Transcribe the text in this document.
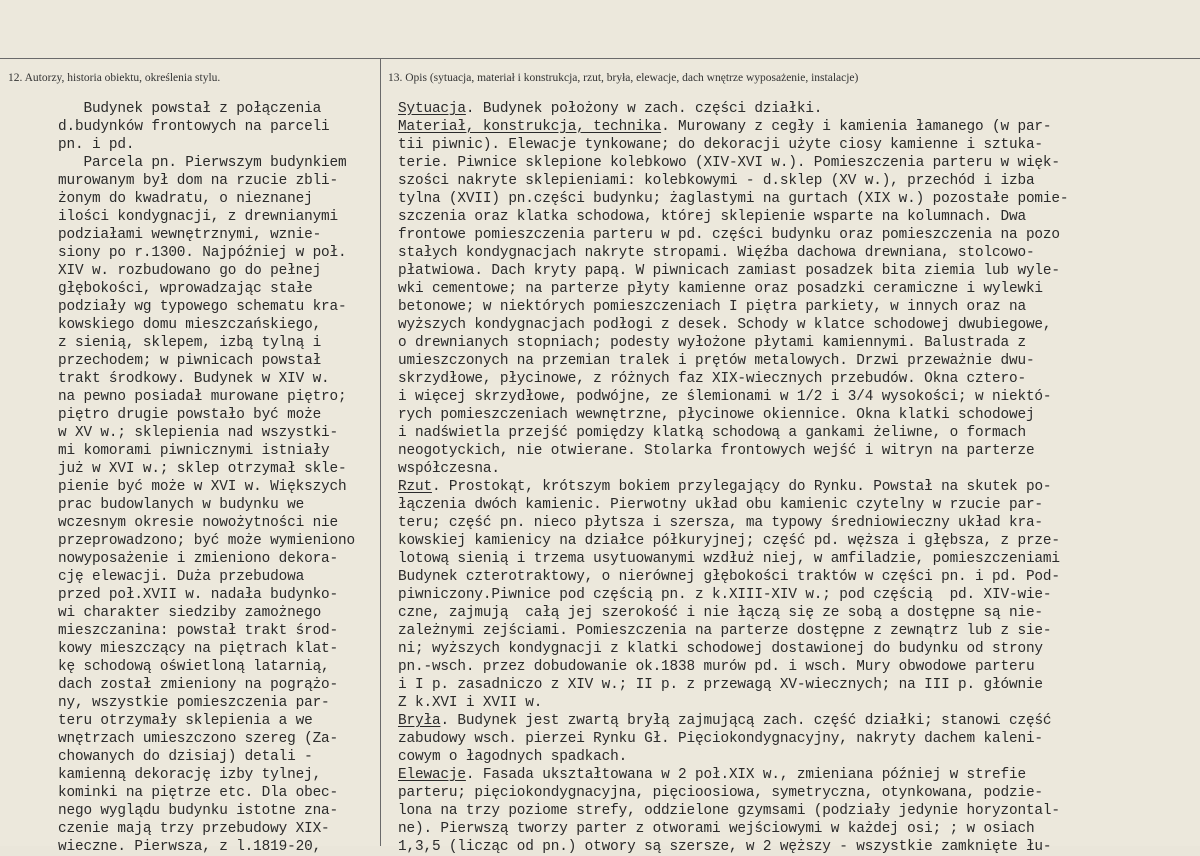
12. Autorzy, historia obiektu, określenia stylu.	13. Opis (sytuacja, materiał i konstrukcja, rzut, bryła, elewacje, dach wnętrze wyposażenie, instalacje)
Budynek powstał z połączenia
d.budynków frontowych na parceli
pn. i pd.
Parcela pn. Pierwszym budynkiem
murowanym był dom na rzucie zbli-
żonym do kwadratu, o nieznanej
ilości kondygnacji, z drewnianymi
podziałami wewnętrznymi, wznie-
siony po r.1300. Najpóźniej w poł.
XIV w. rozbudowano go do pełnej
głębokości, wprowadzając stałe
podziały wg typowego schematu kra-
kowskiego domu mieszczańskiego,
z sienią, sklepem, izbą tylną i
przechodem; w piwnicach powstał
trakt środkowy. Budynek w XIV w.
na pewno posiadał murowane piętro;
piętro drugie powstało być może
w XV w.; sklepienia nad wszystki-
mi komorami piwnicznymi istniały
już w XVI w.; sklep otrzymał skle-
pienie być może w XVI w. Większych
prac budowlanych w budynku we
wczesnym okresie nowożytności nie
przeprowadzono; być może wymieniono
nowyposażenie i zmieniono dekora-
cję elewacji. Duża przebudowa
przed poł.XVII w. nadała budynko-
wi charakter siedziby zamożnego
mieszczanina: powstał trakt środ-
kowy mieszczący na piętrach klat-
kę schodową oświetloną latarnią,
dach został zmieniony na pogrążo-
ny, wszystkie pomieszczenia par-
teru otrzymały sklepienia a we
wnętrzach umieszczono szereg (Za-
chowanych do dzisiaj) detali -
kamienną dekorację izby tylnej,
kominki na piętrze etc. Dla obec-
nego wyglądu budynku istotne zna-
czenie mają trzy przebudowy XIX-
wieczne. Pierwsza, z l.1819-20,
Sytuacja. Budynek położony w zach. części działki.
Materiał, konstrukcja, technika. Murowany z cegły i kamienia łamanego (w par-
tii piwnic). Elewacje tynkowane; do dekoracji użyte ciosy kamienne i sztuka-
terie. Piwnice sklepione kolebkowo (XIV-XVI w.). Pomieszczenia parteru w więk-
szości nakryte sklepieniami: kolebkowymi - d.sklep (XV w.), przechód i izba
tylna (XVII) pn.części budynku; żaglastymi na gurtach (XIX w.) pozostałe pomie-
szczenia oraz klatka schodowa, której sklepienie wsparte na kolumnach. Dwa
frontowe pomieszczenia parteru w pd. części budynku oraz pomieszczenia na pozo
stałych kondygnacjach nakryte stropami. Więźba dachowa drewniana, stolcowo-
płatwiowa. Dach kryty papą. W piwnicach zamiast posadzek bita ziemia lub wyle-
wki cementowe; na parterze płyty kamienne oraz posadzki ceramiczne i wylewki
betonowe; w niektórych pomieszczeniach I piętra parkiety, w innych oraz na
wyższych kondygnacjach podłogi z desek. Schody w klatce schodowej dwubiegowe,
o drewnianych stopniach; podesty wyłożone płytami kamiennymi. Balustrada z
umieszczonych na przemian tralek i prętów metalowych. Drzwi przeważnie dwu-
skrzydłowe, płycinowe, z różnych faz XIX-wiecznych przebudów. Okna cztero-
i więcej skrzydłowe, podwójne, ze ślemionami w 1/2 i 3/4 wysokości; w niektó-
rych pomieszczeniach wewnętrzne, płycinowe okiennice. Okna klatki schodowej
i nadświetla przejść pomiędzy klatką schodową a gankami żeliwne, o formach
neogotyckich, nie otwierane. Stolarka frontowych wejść i witryn na parterze
współczesna.
Rzut. Prostokąt, krótszym bokiem przylegający do Rynku. Powstał na skutek po-
łączenia dwóch kamienic. Pierwotny układ obu kamienic czytelny w rzucie par-
teru; część pn. nieco płytsza i szersza, ma typowy średniowieczny układ kra-
kowskiej kamienicy na działce półkuryjnej; część pd. węższa i głębsza, z prze-
lotową sienią i trzema usytuowanymi wzdłuż niej, w amfiladzie, pomieszczeniami
Budynek czterotraktowy, o nierównej głębokości traktów w części pn. i pd. Pod-
piwniczony.Piwnice pod częścią pn. z k.XIII-XIV w.; pod częścią  pd. XIV-wie-
czne, zajmują  całą jej szerokość i nie łączą się ze sobą a dostępne są nie-
zależnymi zejściami. Pomieszczenia na parterze dostępne z zewnątrz lub z sie-
ni; wyższych kondygnacji z klatki schodowej dostawionej do budynku od strony
pn.-wsch. przez dobudowanie ok.1838 murów pd. i wsch. Mury obwodowe parteru
i I p. zasadniczo z XIV w.; II p. z przewagą XV-wiecznych; na III p. głównie
Z k.XVI i XVII w.
Bryła. Budynek jest zwartą bryłą zajmującą zach. część działki; stanowi część
zabudowy wsch. pierzei Rynku Gł. Pięciokondygnacyjny, nakryty dachem kaleni-
cowym o łagodnych spadkach.
Elewacje. Fasada ukształtowana w 2 poł.XIX w., zmieniana później w strefie
parteru; pięciokondygnacyjna, pięcioosiowa, symetryczna, otynkowana, podzie-
lona na trzy poziome strefy, oddzielone gzymsami (podziały jedynie horyzontal-
ne). Pierwszą tworzy parter z otworami wejściowymi w każdej osi; ; w osiach
1,3,5 (licząc od pn.) otwory są szersze, w 2 węższy - wszystkie zamknięte łu-
